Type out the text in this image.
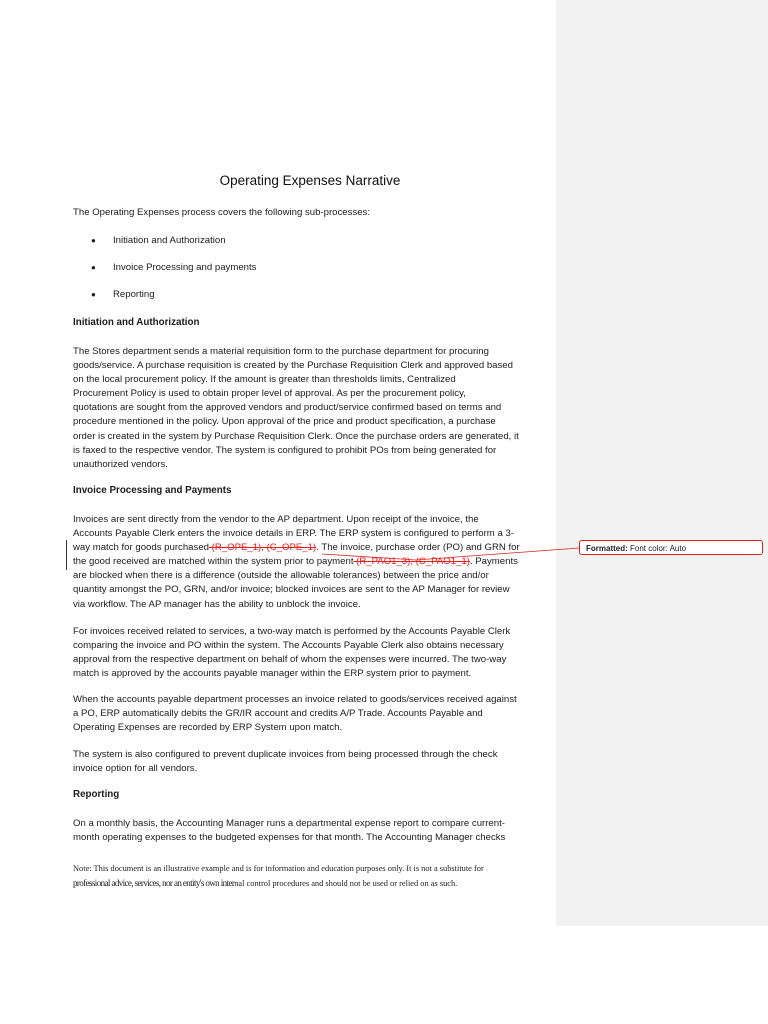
Operating Expenses Narrative

The Operating Expenses process covers the following sub-processes:

● Initiation and Authorization
● Invoice Processing and payments
● Reporting
Initiation and Authorization
The Stores department sends a material requisition form to the purchase department for procuring
goods/service. A purchase requisition is created by the Purchase Requisition Clerk and approved based
on the local procurement policy. If the amount is greater than thresholds limits, Centralized
Procurement Policy is used to obtain proper level of approval. As per the procurement policy,
quotations are sought from the approved vendors and product/service confirmed based on terms and
procedure mentioned in the policy. Upon approval of the price and product specification, a purchase
order is created in the system by Purchase Requisition Clerk. Once the purchase orders are generated, it
is faxed to the respective vendor. The system is configured to prohibit POs from being generated for
unauthorized vendors.
Invoice Processing and Payments
Invoices are sent directly from the vendor to the AP department. Upon receipt of the invoice, the
Accounts Payable Clerk enters the invoice details in ERP. The ERP system is configured to perform a 3-
way match for goods purchased (R_OPE_1), (C_OPE_1). The invoice, purchase order (PO) and GRN for
the good received are matched within the system prior to payment (R_PAO1_3), (C_PAO1_1). Payments
are blocked when there is a difference (outside the allowable tolerances) between the price and/or
quantity amongst the PO, GRN, and/or invoice; blocked invoices are sent to the AP Manager for review
via workflow. The AP manager has the ability to unblock the invoice.
For invoices received related to services, a two-way match is performed by the Accounts Payable Clerk
comparing the invoice and PO within the system. The Accounts Payable Clerk also obtains necessary
approval from the respective department on behalf of whom the expenses were incurred. The two-way
match is approved by the accounts payable manager within the ERP system prior to payment.
When the accounts payable department processes an invoice related to goods/services received against
a PO, ERP automatically debits the GR/IR account and credits A/P Trade. Accounts Payable and
Operating Expenses are recorded by ERP System upon match.
The system is also configured to prevent duplicate invoices from being processed through the check
invoice option for all vendors.
Reporting
On a monthly basis, the Accounting Manager runs a departmental expense report to compare current-
month operating expenses to the budgeted expenses for that month. The Accounting Manager checks
Note: This document is an illustrative example and is for information and education purposes only. It is not a substitute for
professional advice, services, nor an entity's own internal control procedures and should not be used or relied on as such.
Formatted: Font color: Auto
